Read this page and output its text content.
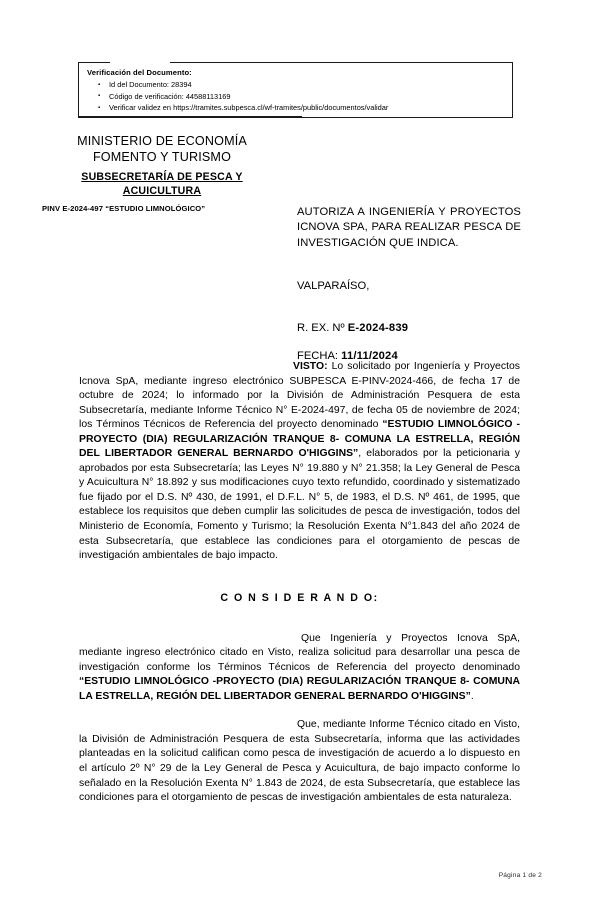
Verificación del Documento:
▪ Id del Documento: 28394
▪ Código de verificación: 44588113169
▪ Verificar validez en https://tramites.subpesca.cl/wf-tramites/public/documentos/validar
MINISTERIO DE ECONOMÍA
FOMENTO Y TURISMO
SUBSECRETARÍA DE PESCA Y ACUICULTURA
PINV E-2024-497 “ESTUDIO LIMNOLÓGICO”	AUTORIZA A INGENIERÍA Y PROYECTOS ICNOVA SPA, PARA REALIZAR PESCA DE INVESTIGACIÓN QUE INDICA.
VALPARAÍSO,
R. EX. Nº E-2024-839
FECHA: 11/11/2024

VISTO: Lo solicitado por Ingeniería y Proyectos Icnova SpA, mediante ingreso electrónico SUBPESCA E-PINV-2024-466, de fecha 17 de octubre de 2024; lo informado por la División de Administración Pesquera de esta Subsecretaría, mediante Informe Técnico N° E-2024-497, de fecha 05 de noviembre de 2024; los Términos Técnicos de Referencia del proyecto denominado “ESTUDIO LIMNOLÓGICO -PROYECTO (DIA) REGULARIZACIÓN TRANQUE 8- COMUNA LA ESTRELLA, REGIÓN DEL LIBERTADOR GENERAL BERNARDO O'HIGGINS”, elaborados por la peticionaria y aprobados por esta Subsecretaría; las Leyes N° 19.880 y N° 21.358; la Ley General de Pesca y Acuicultura N° 18.892 y sus modificaciones cuyo texto refundido, coordinado y sistematizado fue fijado por el D.S. Nº 430, de 1991, el D.F.L. N° 5, de 1983, el D.S. Nº 461, de 1995, que establece los requisitos que deben cumplir las solicitudes de pesca de investigación, todos del Ministerio de Economía, Fomento y Turismo; la Resolución Exenta N°1.843 del año 2024 de esta Subsecretaría, que establece las condiciones para el otorgamiento de pescas de investigación ambientales de bajo impacto.

C O N S I D E R A N D O:

Que Ingeniería y Proyectos Icnova SpA, mediante ingreso electrónico citado en Visto, realiza solicitud para desarrollar una pesca de investigación conforme los Términos Técnicos de Referencia del proyecto denominado “ESTUDIO LIMNOLÓGICO -PROYECTO (DIA) REGULARIZACIÓN TRANQUE 8- COMUNA LA ESTRELLA, REGIÓN DEL LIBERTADOR GENERAL BERNARDO O'HIGGINS”.

Que, mediante Informe Técnico citado en Visto, la División de Administración Pesquera de esta Subsecretaría, informa que las actividades planteadas en la solicitud califican como pesca de investigación de acuerdo a lo dispuesto en el artículo 2º N° 29 de la Ley General de Pesca y Acuicultura, de bajo impacto conforme lo señalado en la Resolución Exenta N° 1.843 de 2024, de esta Subsecretaría, que establece las condiciones para el otorgamiento de pescas de investigación ambientales de esta naturaleza.

Página 1 de 2
